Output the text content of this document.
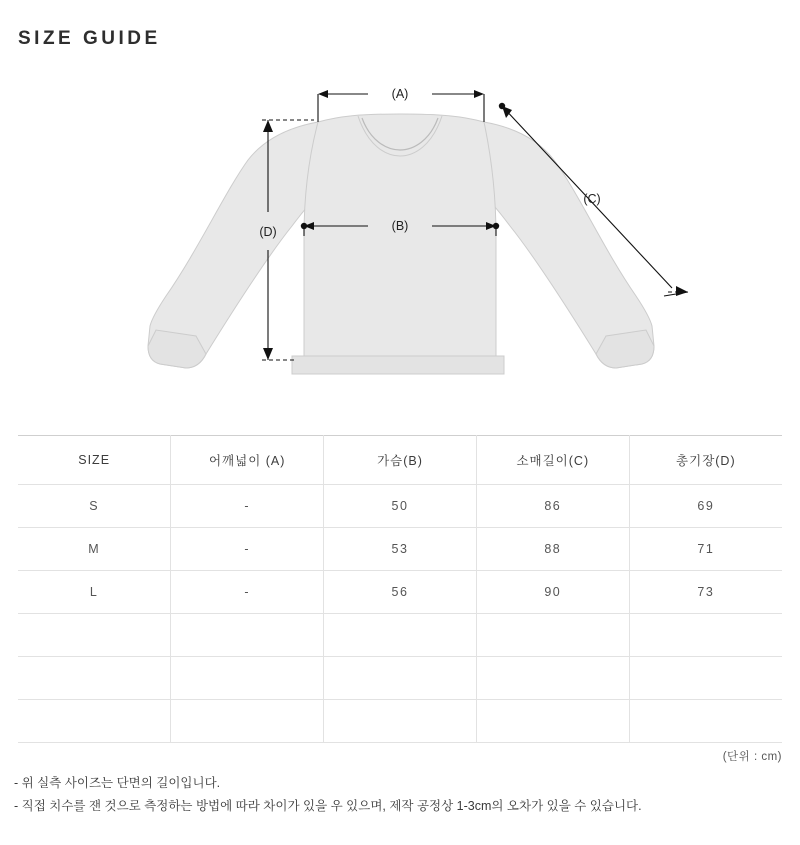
SIZE GUIDE
(A)
(B)
(C)
(D)
SIZE	어깨넓이 (A)	가슴(B)	소매길이(C)	총기장(D)
S	-	50	86	69
M	-	53	88	71
L	-	56	90	73

(단위 : cm)
- 위 실측 사이즈는 단면의 길이입니다.
- 직접 치수를 잰 것으로 측정하는 방법에 따라 차이가 있을 우 있으며, 제작 공정상 1-3cm의 오차가 있을 수 있습니다.
